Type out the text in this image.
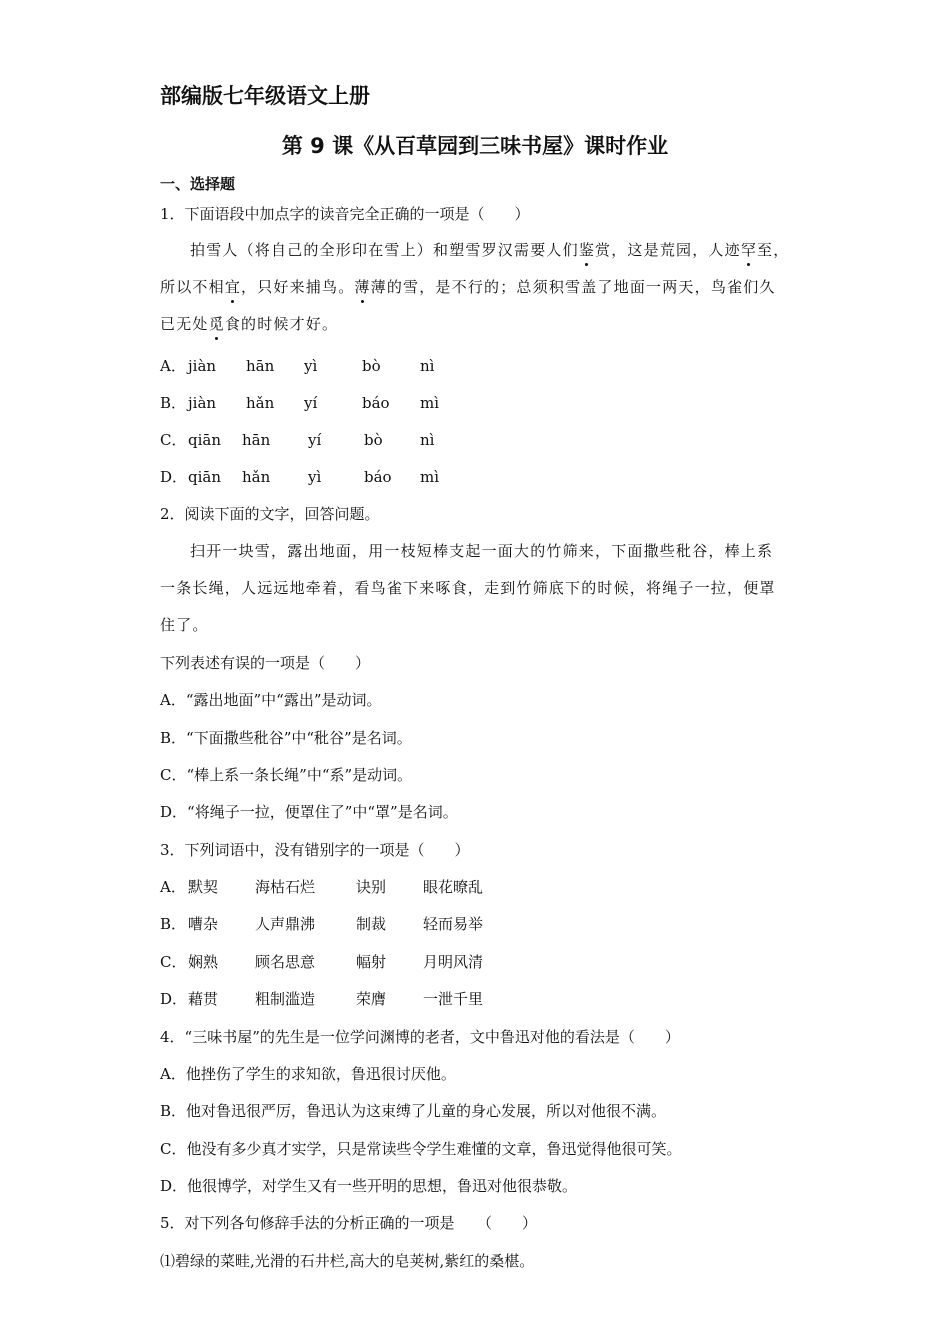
部编版七年级语文上册
第 9 课《从百草园到三味书屋》课时作业
一、选择题
1．下面语段中加点字的读音完全正确的一项是（　　）
拍雪人（将自己的全形印在雪上）和塑雪罗汉需要人们鉴赏，这是荒园，人迹罕至，
所以不相宜，只好来捕鸟。薄薄的雪，是不行的；总须积雪盖了地面一两天，鸟雀们久
已无处觅食的时候才好。
A． jiàn hān yì	bò	nì
B． jiàn hǎn yí	báo mì
C． qiān hān	yí	bò nì
D．qiān hǎn	yì	báo mì
2．阅读下面的文字，回答问题。
扫开一块雪，露出地面，用一枝短棒支起一面大的竹筛来，下面撒些秕谷，棒上系
一条长绳，人远远地牵着，看鸟雀下来啄食，走到竹筛底下的时候，将绳子一拉，便罩
住了。
下列表述有误的一项是（　　）
A．“露出地面”中“露出”是动词。
B．“下面撒些秕谷”中“秕谷”是名词。
C．“棒上系一条长绳”中“系”是动词。
D．“将绳子一拉，便罩住了”中“罩”是名词。
3．下列词语中，没有错别字的一项是（　　）
A． 默契 海枯石烂	诀别 眼花暸乱
B． 嘈杂 人声鼎沸	制裁 轻而易举
C． 娴熟 顾名思意	幅射 月明风清
D．藉贯 粗制滥造	荣膺 一泄千里
4．“三味书屋”的先生是一位学问渊博的老者，文中鲁迅对他的看法是（　　）
A．他挫伤了学生的求知欲，鲁迅很讨厌他。
B．他对鲁迅很严厉，鲁迅认为这束缚了儿童的身心发展，所以对他很不满。
C．他没有多少真才实学，只是常读些令学生难懂的文章，鲁迅觉得他很可笑。
D．他很博学，对学生又有一些开明的思想，鲁迅对他很恭敬。
5．对下列各句修辞手法的分析正确的一项是　　（　　）
⑴碧绿的菜畦,光滑的石井栏,高大的皂荚树,紫红的桑椹。
